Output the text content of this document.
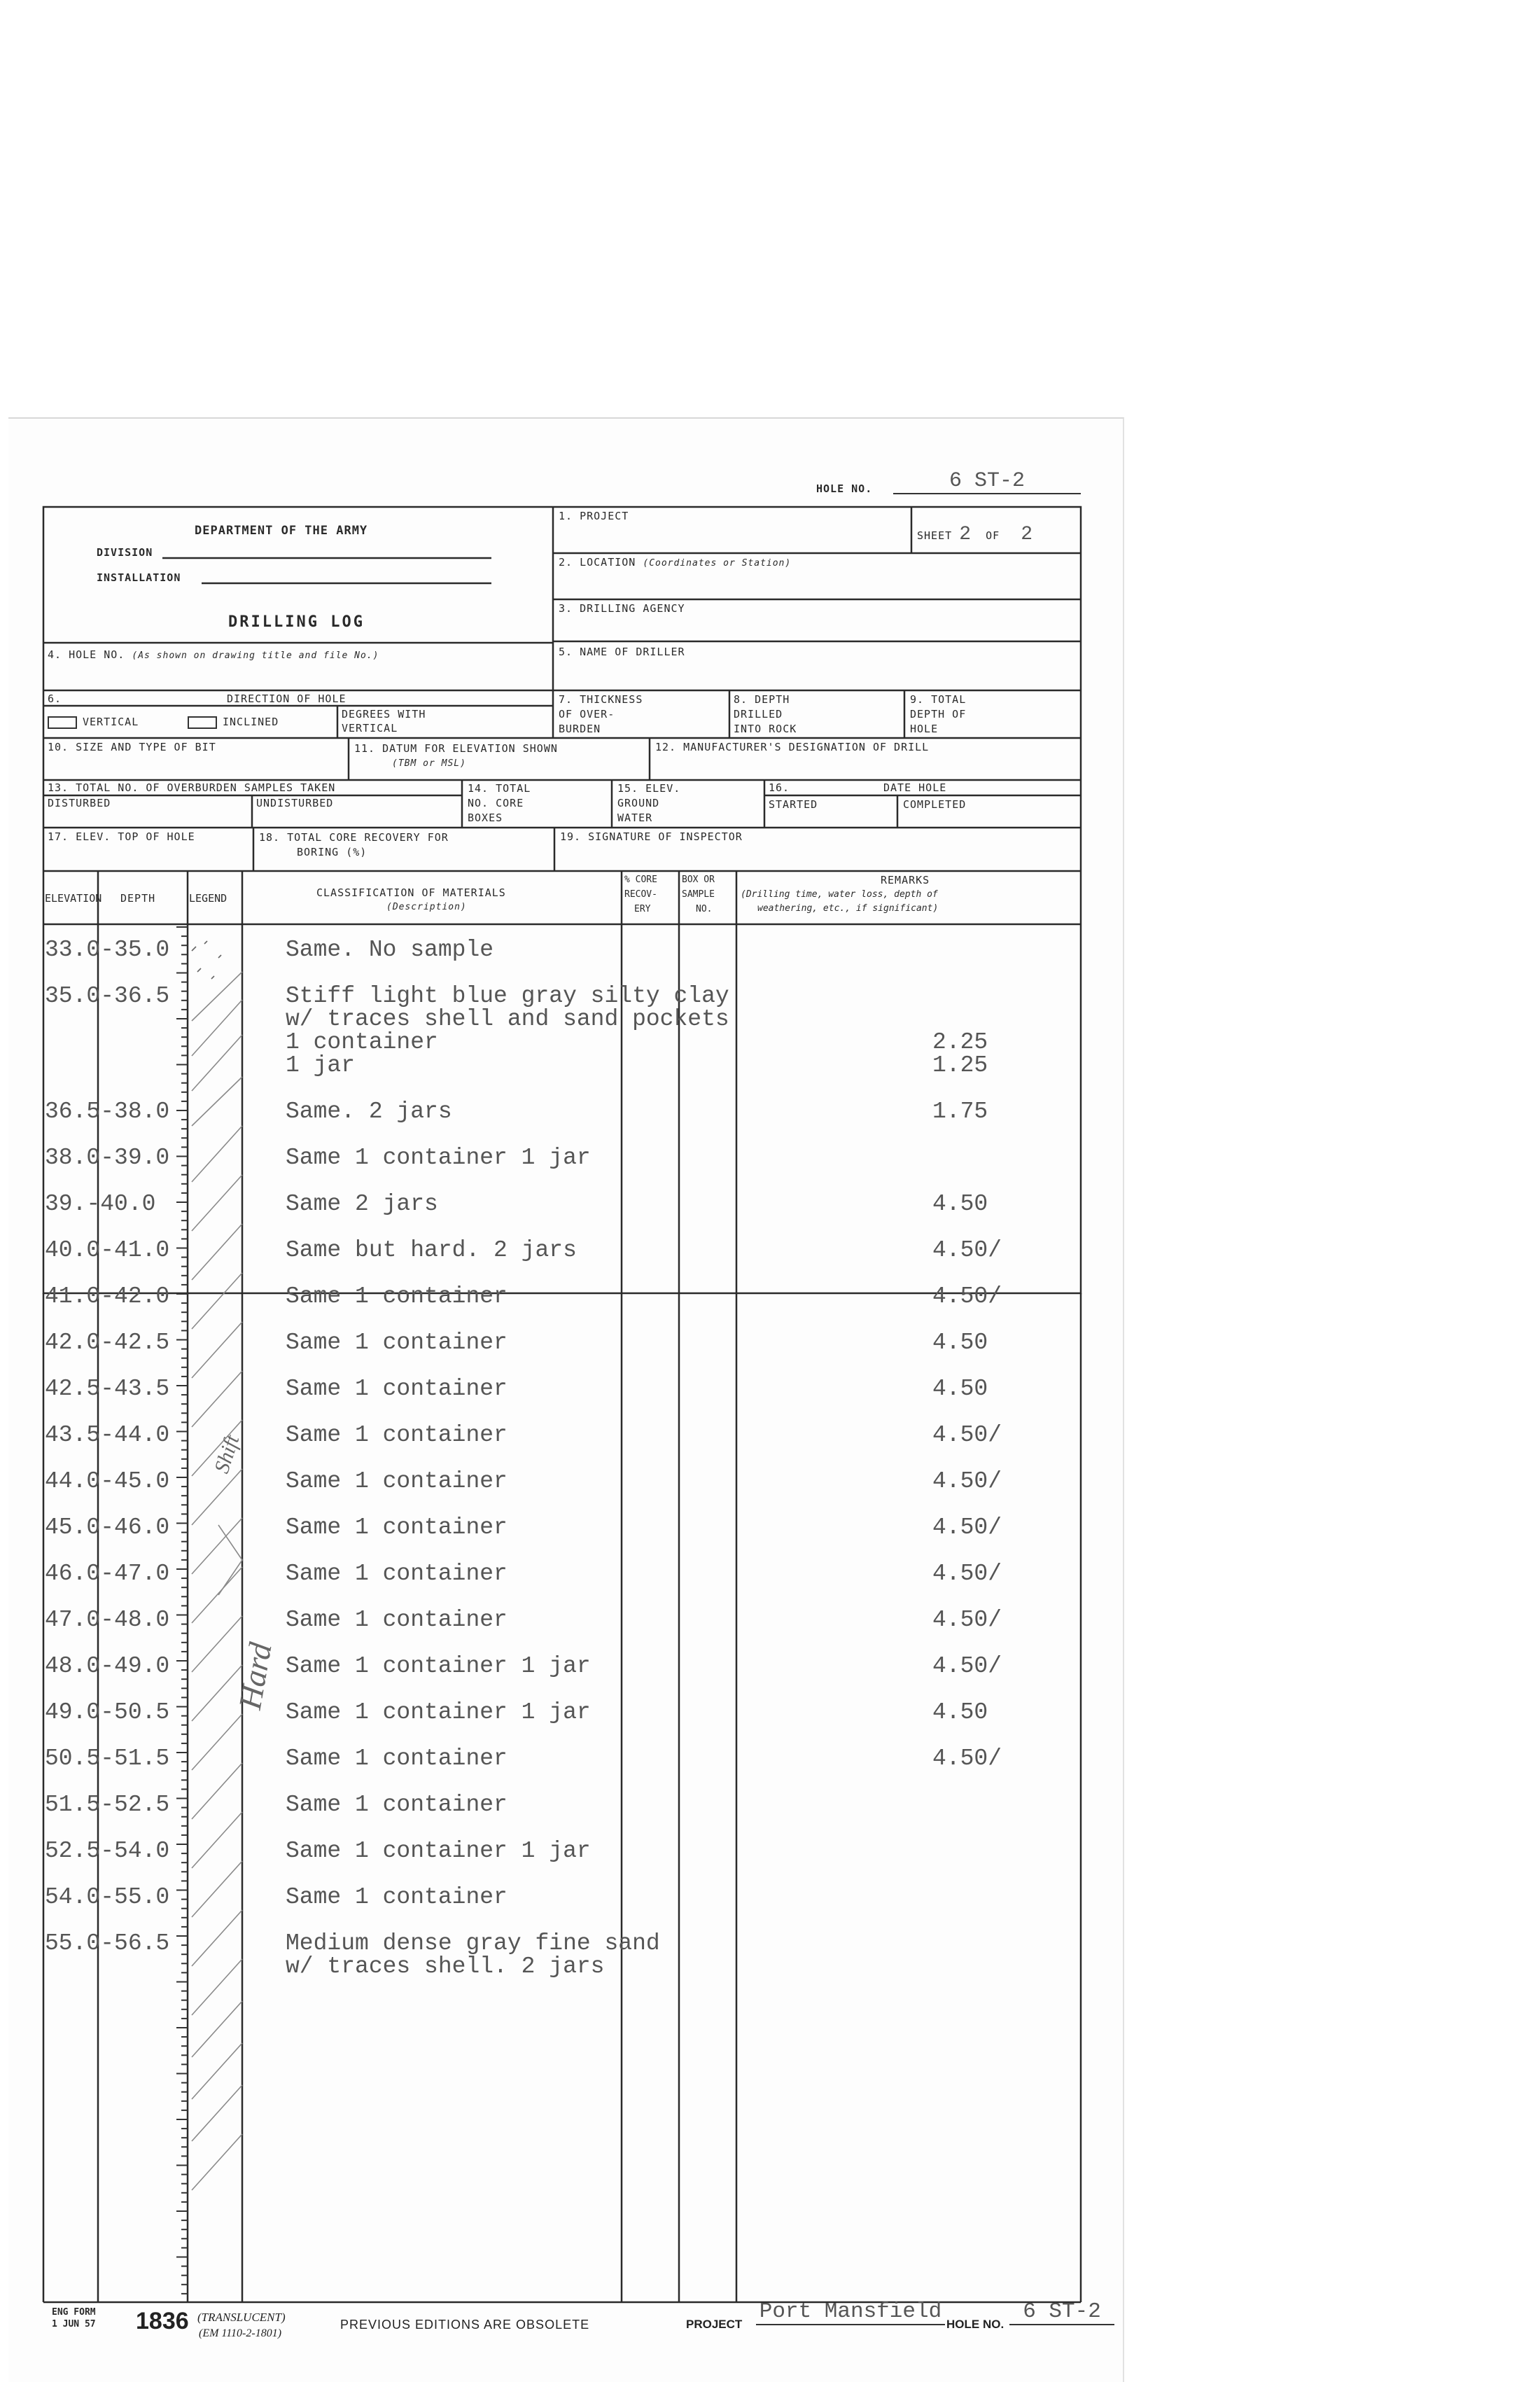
HOLE NO.	6 ST-2
DEPARTMENT OF THE ARMY
DIVISION
INSTALLATION
DRILLING LOG
4. HOLE NO. (As shown on drawing title and file No.)
1. PROJECT
SHEET 2 OF 2
2. LOCATION (Coordinates or Station)
3. DRILLING AGENCY
5. NAME OF DRILLER
6.	DIRECTION OF HOLE
VERTICAL	INCLINED
DEGREES WITH
VERTICAL
7. THICKNESS
OF OVER-
BURDEN
8. DEPTH
DRILLED
INTO ROCK
9. TOTAL
DEPTH OF
HOLE
10. SIZE AND TYPE OF BIT	11. DATUM FOR ELEVATION SHOWN
(TBM or MSL)
12. MANUFACTURER'S DESIGNATION OF DRILL
13. TOTAL NO. OF OVERBURDEN SAMPLES TAKEN
DISTURBED	UNDISTURBED
14. TOTAL
NO. CORE
BOXES
15. ELEV.
GROUND
WATER
16.	DATE HOLE
STARTED	COMPLETED
17. ELEV. TOP OF HOLE	18. TOTAL CORE RECOVERY FOR
BORING (%)
19. SIGNATURE OF INSPECTOR
ELEVATION DEPTH	LEGEND	CLASSIFICATION OF MATERIALS
(Description)
% CORE
RECOV-
ERY
BOX OR
SAMPLE
NO.
REMARKS
(Drilling time, water loss, depth of
weathering, etc., if significant)
33.0-35.0	Same. No sample
35.0-36.5	Stiff light blue gray silty clay
w/ traces shell and sand pockets
1 container	2.25
1 jar	1.25
36.5-38.0	Same. 2 jars	1.75
38.0-39.0	Same 1 container 1 jar
39.-40.0	Same 2 jars	4.50
40.0-41.0	Same but hard. 2 jars	4.50/
41.0-42.0	Same 1 container	4.50/
42.0-42.5	Same 1 container	4.50
42.5-43.5	Same 1 container	4.50
43.5-44.0	Same 1 container	4.50/
44.0-45.0	Same 1 container	4.50/
45.0-46.0	Same 1 container	4.50/
46.0-47.0	Same 1 container	4.50/
47.0-48.0	Same 1 container	4.50/
48.0-49.0	Same 1 container 1 jar	4.50/
49.0-50.5	Same 1 container 1 jar	4.50
50.5-51.5	Same 1 container	4.50/
51.5-52.5	Same 1 container
52.5-54.0	Same 1 container 1 jar
54.0-55.0	Same 1 container
55.0-56.5	Medium dense gray fine sand
w/ traces shell. 2 jars
Shift
Hard
ENG FORM
1 JUN 57 1836 (TRANSLUCENT)
(EM 1110-2-1801)
PREVIOUS EDITIONS ARE OBSOLETE	PROJECT
Port Mansfield
HOLE NO.
6 ST-2
